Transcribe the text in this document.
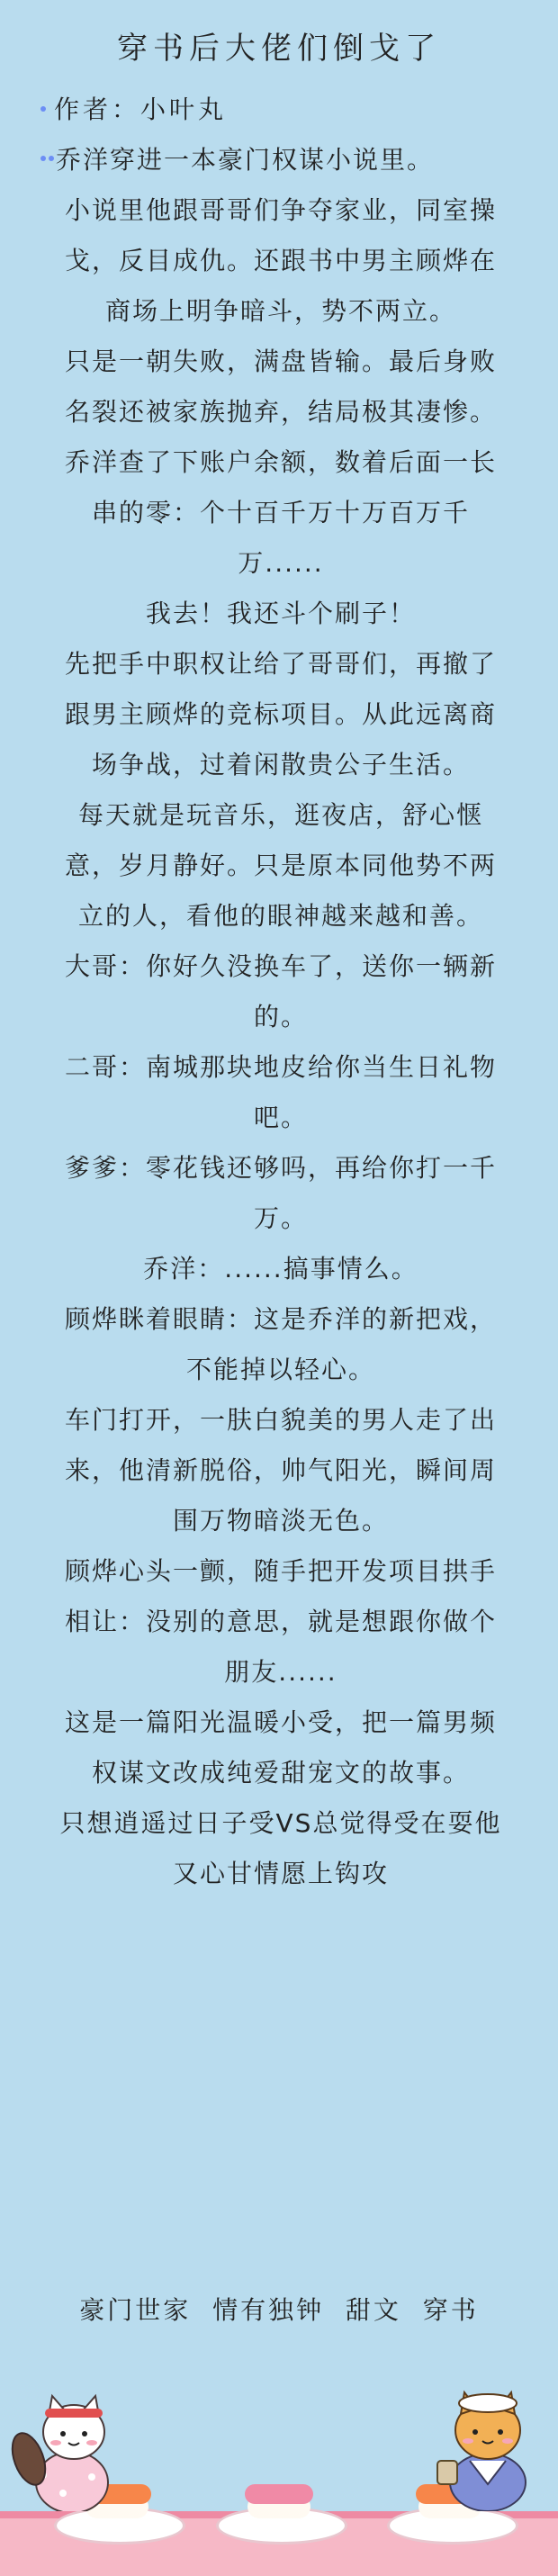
穿书后大佬们倒戈了
作者：小叶丸

乔洋穿进一本豪门权谋小说里。

小说里他跟哥哥们争夺家业，同室操戈，反目成仇。还跟书中男主顾烨在商场上明争暗斗，势不两立。

只是一朝失败，满盘皆输。最后身败名裂还被家族抛弃，结局极其凄惨。

乔洋查了下账户余额，数着后面一长串的零：个十百千万十万百万千万......

我去！我还斗个刷子！

先把手中职权让给了哥哥们，再撤了跟男主顾烨的竞标项目。从此远离商场争战，过着闲散贵公子生活。

每天就是玩音乐，逛夜店，舒心惬意，岁月静好。只是原本同他势不两立的人，看他的眼神越来越和善。

大哥：你好久没换车了，送你一辆新的。

二哥：南城那块地皮给你当生日礼物吧。

爹爹：零花钱还够吗，再给你打一千万。

乔洋：......搞事情么。

顾烨眯着眼睛：这是乔洋的新把戏，不能掉以轻心。

车门打开，一肤白貌美的男人走了出来，他清新脱俗，帅气阳光，瞬间周围万物暗淡无色。

顾烨心头一颤，随手把开发项目拱手相让：没别的意思，就是想跟你做个朋友......

这是一篇阳光温暖小受，把一篇男频权谋文改成纯爱甜宠文的故事。

只想逍遥过日子受VS总觉得受在耍他又心甘情愿上钩攻

豪门世家  情有独钟  甜文  穿书
